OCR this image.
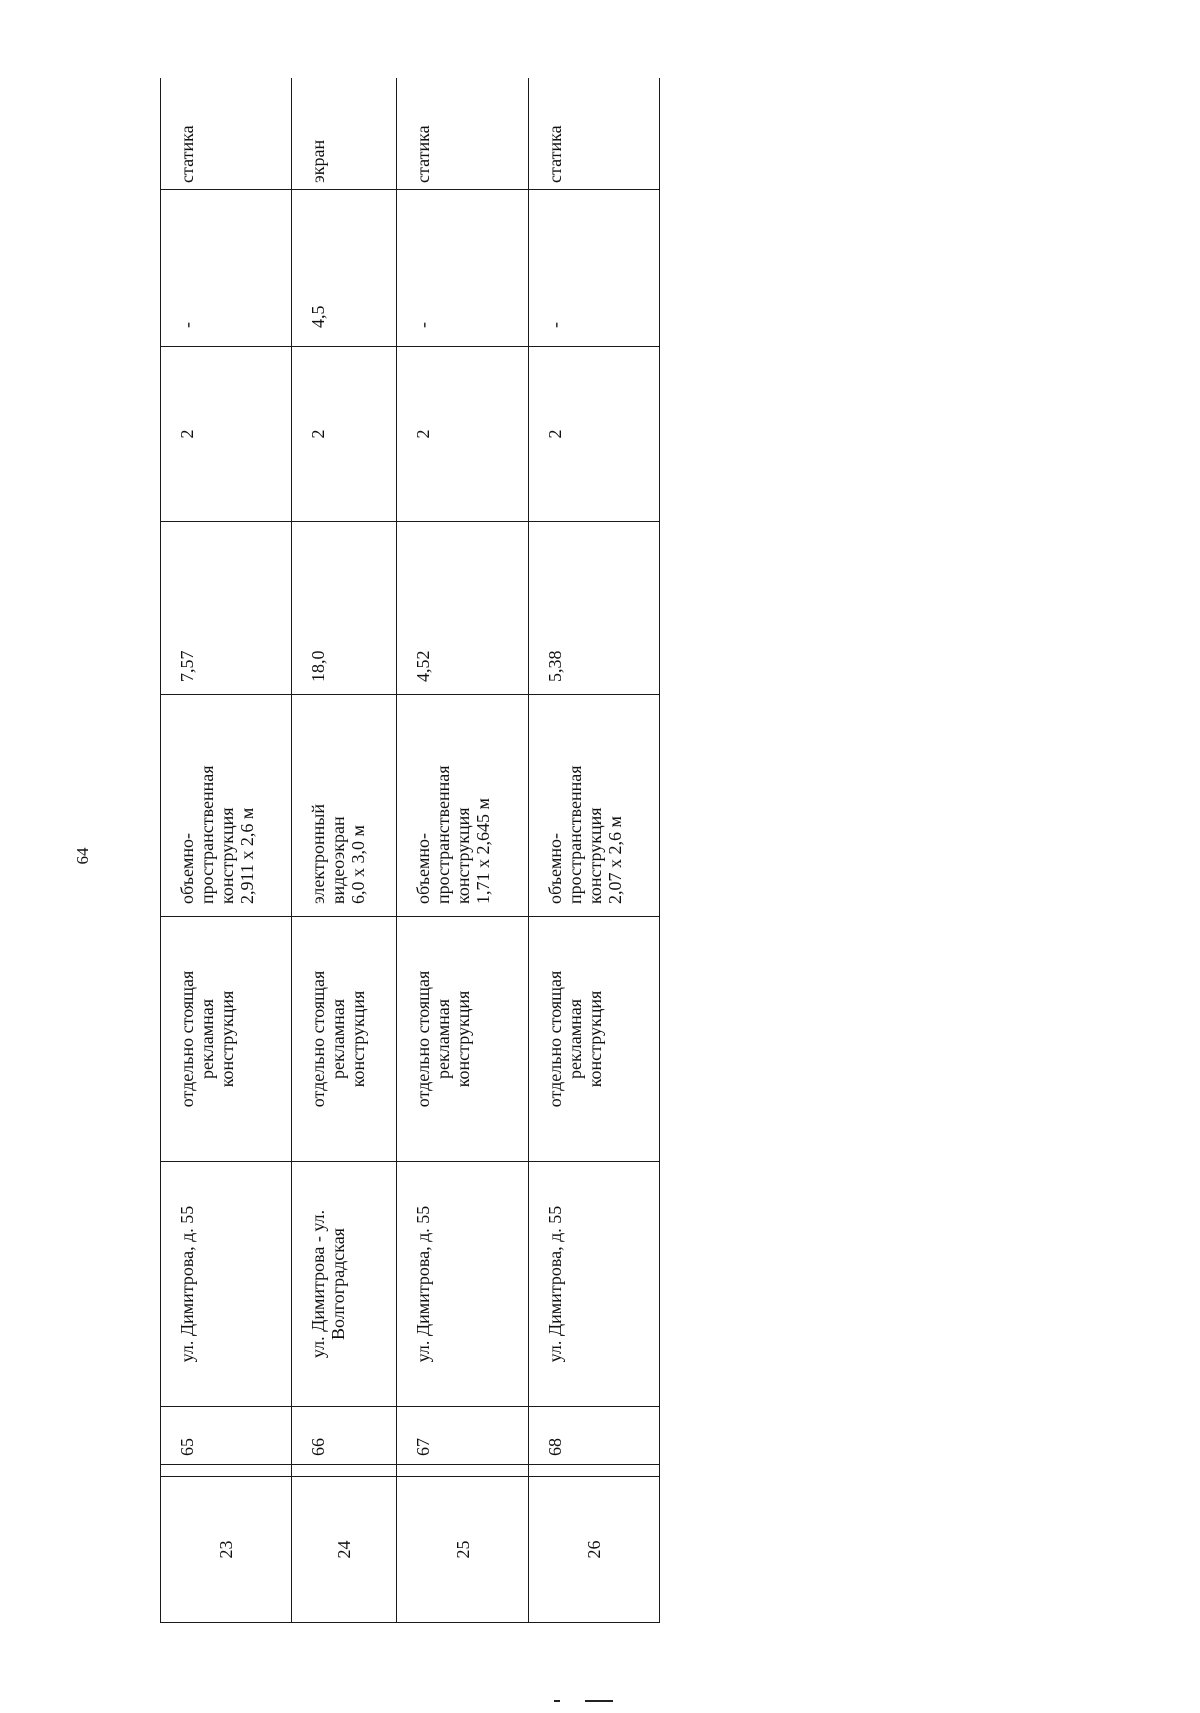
64
23		65	ул. Димитрова, д. 55	отдельно стоящая рекламная конструкция	объемно- пространственная конструкция 2,911 х 2,6 м	7,57	2	-	статика
24		66	ул. Димитрова - ул. Волгоградская	отдельно стоящая рекламная конструкция	электронный видеоэкран 6,0 х 3,0 м	18,0	2	4,5	экран
25		67	ул. Димитрова, д. 55	отдельно стоящая рекламная конструкция	объемно- пространственная конструкция 1,71 х 2,645 м	4,52	2	-	статика
26		68	ул. Димитрова, д. 55	отдельно стоящая рекламная конструкция	объемно- пространственная конструкция 2,07 х 2,6 м	5,38	2	-	статика
